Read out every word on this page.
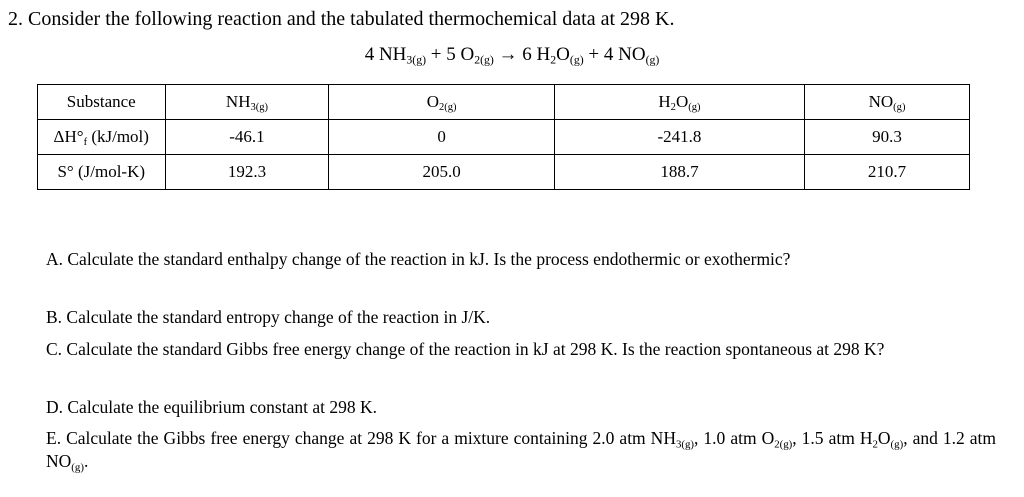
2. Consider the following reaction and the tabulated thermochemical data at 298 K.
4 $NH_{3(g)} + 5$ $O_{2(g)} \to 6$ $H_2O_{(g)} + 4$ $NO_{(g)}$
Substance	$NH_{3(g)}$	$O_{2(g)}$	$H_2O_{(g)}$	$NO_{(g)}$
$\Delta H^\circ_f$ (kJ/mol)	-46.1	0	-241.8	90.3
S° (J/mol-K)	192.3	205.0	188.7	210.7
A. Calculate the standard enthalpy change of the reaction in kJ. Is the process endothermic or exothermic?
B. Calculate the standard entropy change of the reaction in J/K.
C. Calculate the standard Gibbs free energy change of the reaction in kJ at 298 K. Is the reaction spontaneous at 298 K?
D. Calculate the equilibrium constant at 298 K.
E. Calculate the Gibbs free energy change at 298 K for a mixture containing 2.0 atm $NH_{3(g)}$, 1.0 atm $O_{2(g)}$, 1.5 atm $H_2O_{(g)}$, and 1.2 atm $NO_{(g)}$.
